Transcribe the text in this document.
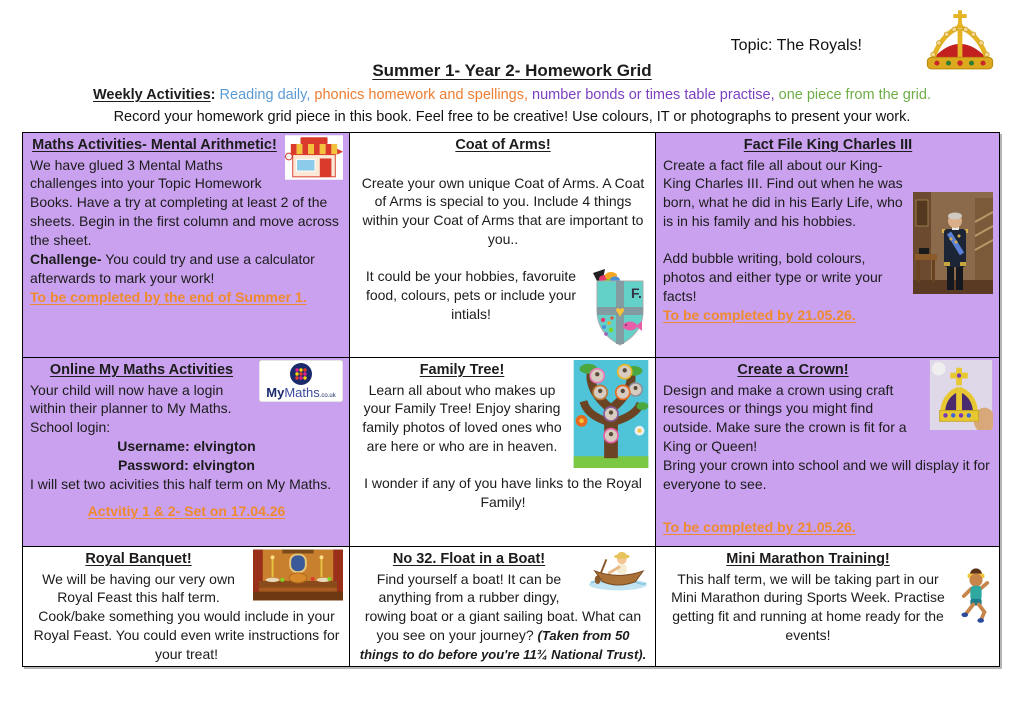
Topic: The Royals!
Summer 1- Year 2- Homework Grid
Weekly Activities: Reading daily, phonics homework and spellings, number bonds or times table practise, one piece from the grid.
Record your homework grid piece in this book. Feel free to be creative! Use colours, IT or photographs to present your work.
Maths Activities- Mental Arithmetic!

We have glued 3 Mental Maths challenges into your Topic Homework Books. Have a try at completing at least 2 of the sheets. Begin in the first column and move across the sheet.

Challenge- You could try and use a calculator afterwards to mark your work!

To be completed by the end of Summer 1.

Coat of Arms!

Create your own unique Coat of Arms. A Coat of Arms is special to you. Include 4 things within your Coat of Arms that are important to you..

F.
♥

It could be your hobbies, favoruite food, colours, pets or include your intials!

Fact File King Charles III

Create a fact file all about our King- King Charles III. Find out when he was born, what he did in his Early Life, who is in his family and his hobbies.

Add bubble writing, bold colours, photos and either type or write your facts!

To be completed by 21.05.26.

MyMaths.co.uk
Online My Maths Activities

Your child will now have a login within their planner to My Maths. School login:

Username: elvington

Password: elvington

I will set two acivities this half term on My Maths.

Actvitiy 1 & 2- Set on 17.04.26

Family Tree!

Learn all about who makes up your Family Tree! Enjoy sharing family photos of loved ones who are here or who are in heaven.

I wonder if any of you have links to the Royal Family!

Create a Crown!

Design and make a crown using craft resources or things you might find outside. Make sure the crown is fit for a King or Queen!

Bring your crown into school and we will display it for everyone to see.

To be completed by 21.05.26.

Royal Banquet!

We will be having our very own Royal Feast this half term.

Cook/bake something you would include in your Royal Feast. You could even write instructions for your treat!

No 32. Float in a Boat!

Find yourself a boat! It can be anything from a rubber dingy, rowing boat or a giant sailing boat. What can you see on your journey? (Taken from 50 things to do before you're 11¾ National Trust).

Mini Marathon Training!

This half term, we will be taking part in our Mini Marathon during Sports Week. Practise getting fit and running at home ready for the events!
